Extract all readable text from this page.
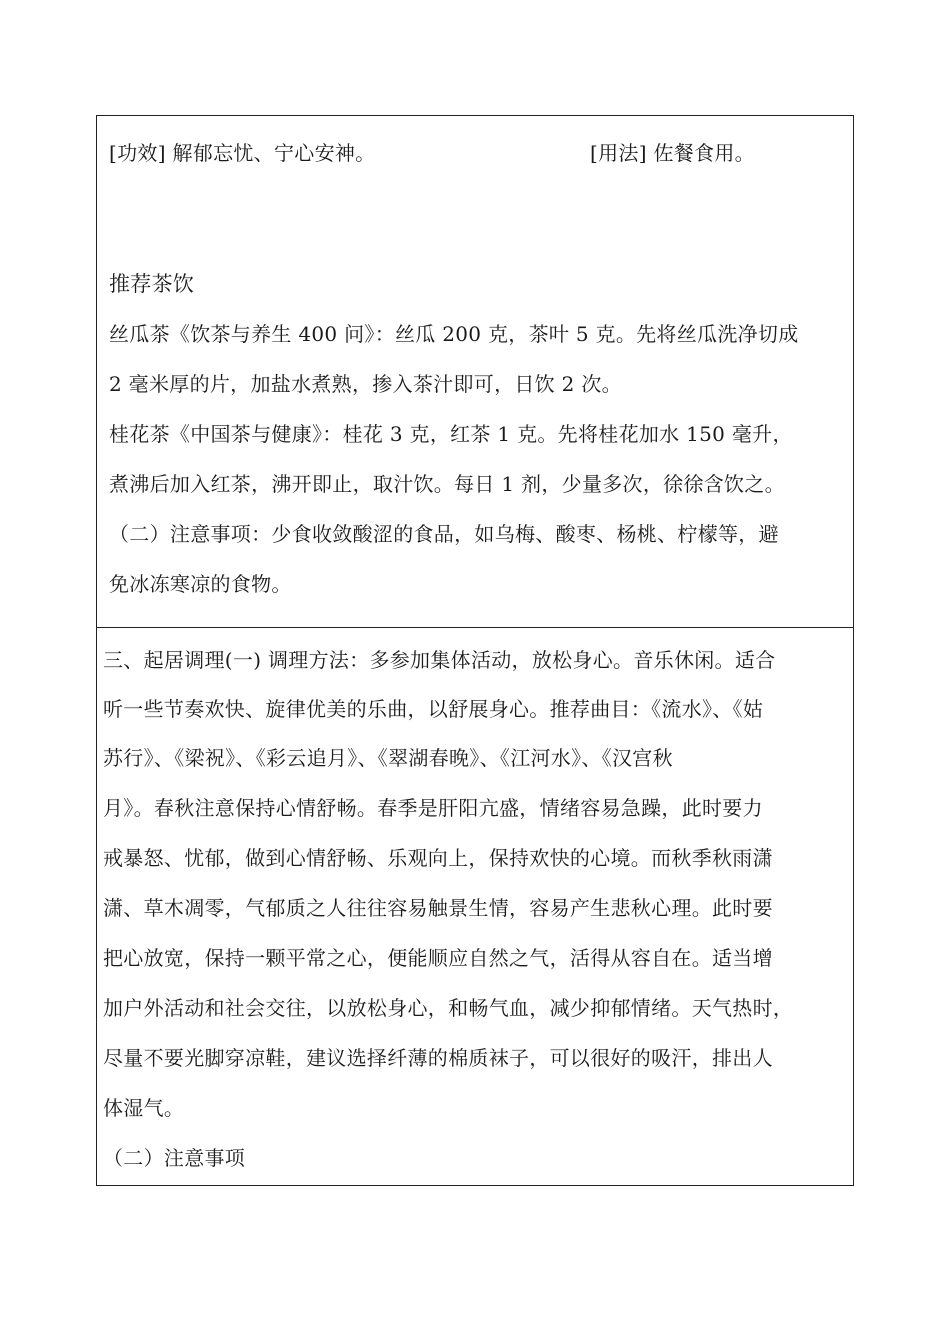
[功效] 解郁忘忧、宁心安神。	[用法] 佐餐食用。
推荐茶饮
丝瓜茶《饮茶与养生 400 问》：丝瓜 200 克，茶叶 5 克。先将丝瓜洗净切成
2 毫米厚的片，加盐水煮熟，掺入茶汁即可，日饮 2 次。
桂花茶《中国茶与健康》：桂花 3 克，红茶 1 克。先将桂花加水 150 毫升，
煮沸后加入红茶，沸开即止，取汁饮。每日 1 剂，少量多次，徐徐含饮之。
（二）注意事项：少食收敛酸涩的食品，如乌梅、酸枣、杨桃、柠檬等，避
免冰冻寒凉的食物。
三、起居调理(一) 调理方法：多参加集体活动，放松身心。音乐休闲。适合
听一些节奏欢快、旋律优美的乐曲，以舒展身心。推荐曲目：《流水》、《姑
苏行》、《梁祝》、《彩云追月》、《翠湖春晚》、《江河水》、《汉宫秋
月》。春秋注意保持心情舒畅。春季是肝阳亢盛，情绪容易急躁，此时要力
戒暴怒、忧郁，做到心情舒畅、乐观向上，保持欢快的心境。而秋季秋雨潇
潇、草木凋零，气郁质之人往往容易触景生情，容易产生悲秋心理。此时要
把心放宽，保持一颗平常之心，便能顺应自然之气，活得从容自在。适当增
加户外活动和社会交往，以放松身心，和畅气血，减少抑郁情绪。天气热时，
尽量不要光脚穿凉鞋，建议选择纤薄的棉质袜子，可以很好的吸汗，排出人
体湿气。
（二）注意事项
